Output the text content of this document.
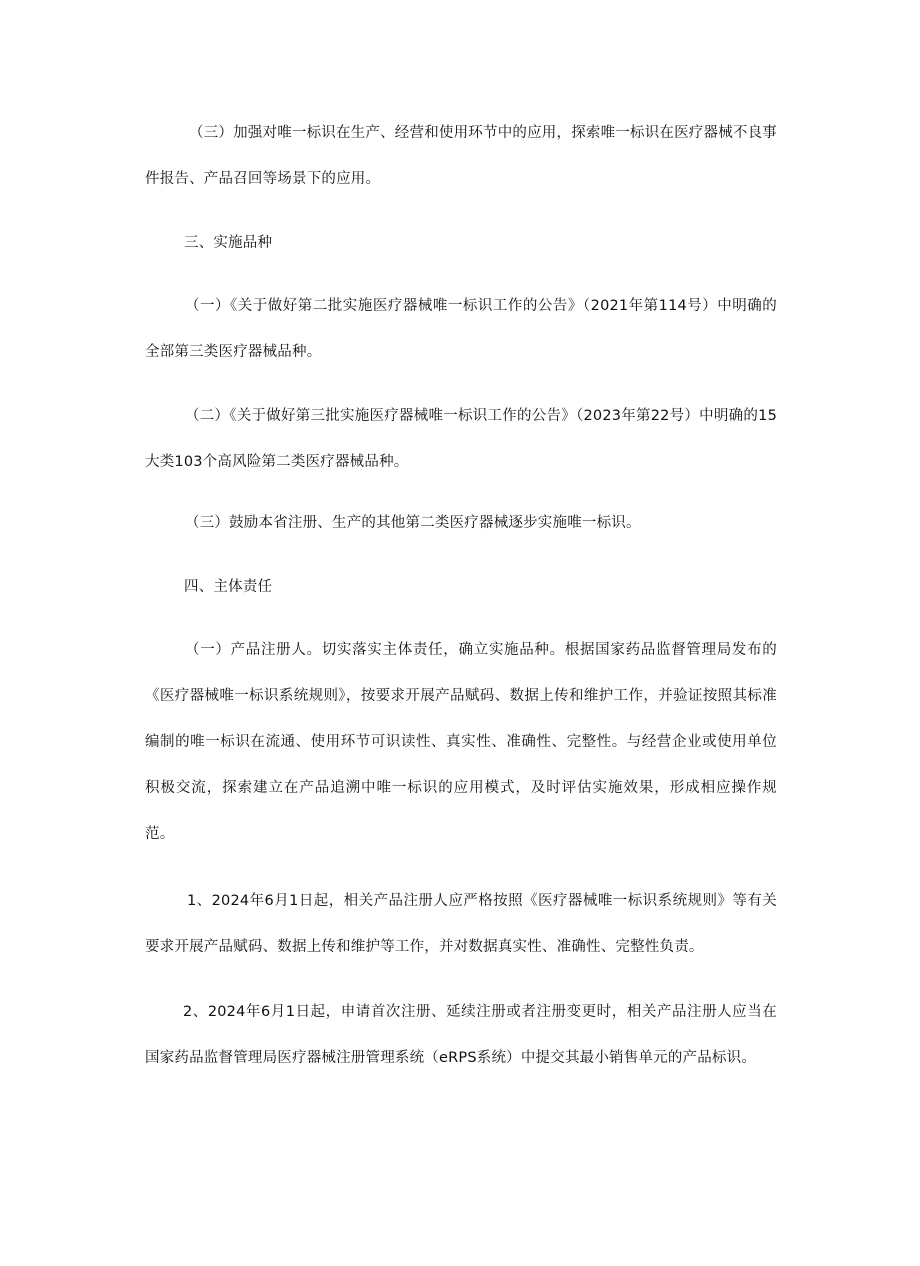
（三）加强对唯一标识在生产、经营和使用环节中的应用，探索唯一标识在医疗器械不良事件报告、产品召回等场景下的应用。

三、实施品种

（一）《关于做好第二批实施医疗器械唯一标识工作的公告》（2021年第114号）中明确的全部第三类医疗器械品种。

（二）《关于做好第三批实施医疗器械唯一标识工作的公告》（2023年第22号）中明确的15大类103个高风险第二类医疗器械品种。

（三）鼓励本省注册、生产的其他第二类医疗器械逐步实施唯一标识。

四、主体责任

（一）产品注册人。切实落实主体责任，确立实施品种。根据国家药品监督管理局发布的《医疗器械唯一标识系统规则》，按要求开展产品赋码、数据上传和维护工作，并验证按照其标准编制的唯一标识在流通、使用环节可识读性、真实性、准确性、完整性。与经营企业或使用单位积极交流，探索建立在产品追溯中唯一标识的应用模式，及时评估实施效果，形成相应操作规范。

1、2024年6月1日起，相关产品注册人应严格按照《医疗器械唯一标识系统规则》等有关要求开展产品赋码、数据上传和维护等工作，并对数据真实性、准确性、完整性负责。

2、2024年6月1日起，申请首次注册、延续注册或者注册变更时，相关产品注册人应当在国家药品监督管理局医疗器械注册管理系统（eRPS系统）中提交其最小销售单元的产品标识。
